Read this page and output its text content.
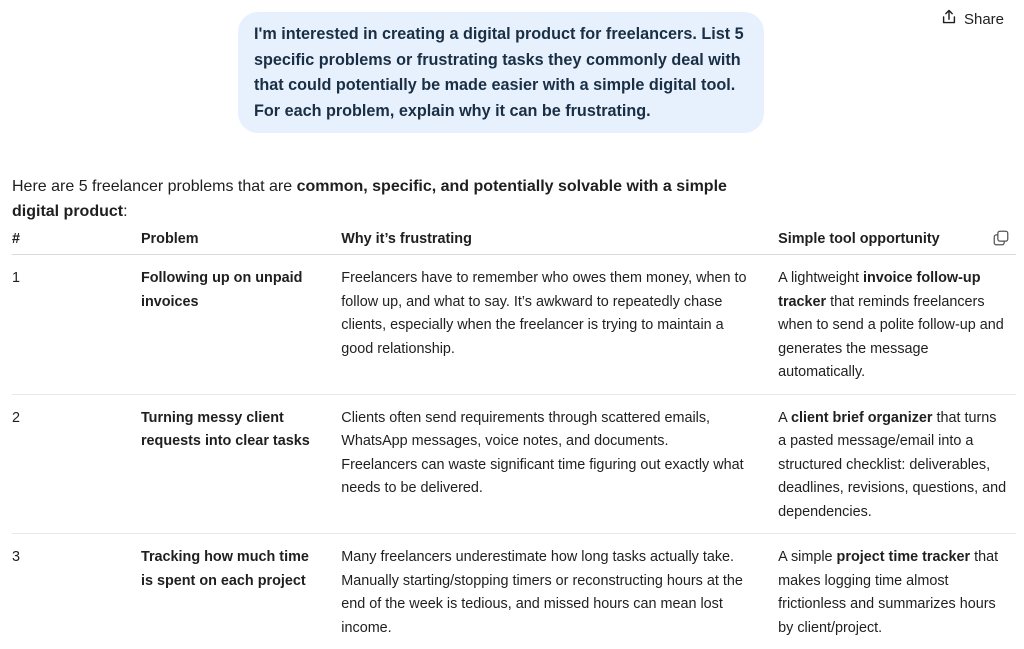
Share
I'm interested in creating a digital product for freelancers. List 5 specific problems or frustrating tasks they commonly deal with that could potentially be made easier with a simple digital tool. For each problem, explain why it can be frustrating.
Here are 5 freelancer problems that are common, specific, and potentially solvable with a simple digital product:
#	Problem	Why it’s frustrating	Simple tool opportunity

1	Following up on unpaid invoices	Freelancers have to remember who owes them money, when to follow up, and what to say. It’s awkward to repeatedly chase clients, especially when the freelancer is trying to maintain a good relationship.	A lightweight invoice follow-up tracker that reminds freelancers when to send a polite follow-up and generates the message automatically.
2	Turning messy client requests into clear tasks	Clients often send requirements through scattered emails, WhatsApp messages, voice notes, and documents. Freelancers can waste significant time figuring out exactly what needs to be delivered.	A client brief organizer that turns a pasted message/email into a structured checklist: deliverables, deadlines, revisions, questions, and dependencies.
3	Tracking how much time is spent on each project	Many freelancers underestimate how long tasks actually take. Manually starting/stopping timers or reconstructing hours at the end of the week is tedious, and missed hours can mean lost income.	A simple project time tracker that makes logging time almost frictionless and summarizes hours by client/project.
